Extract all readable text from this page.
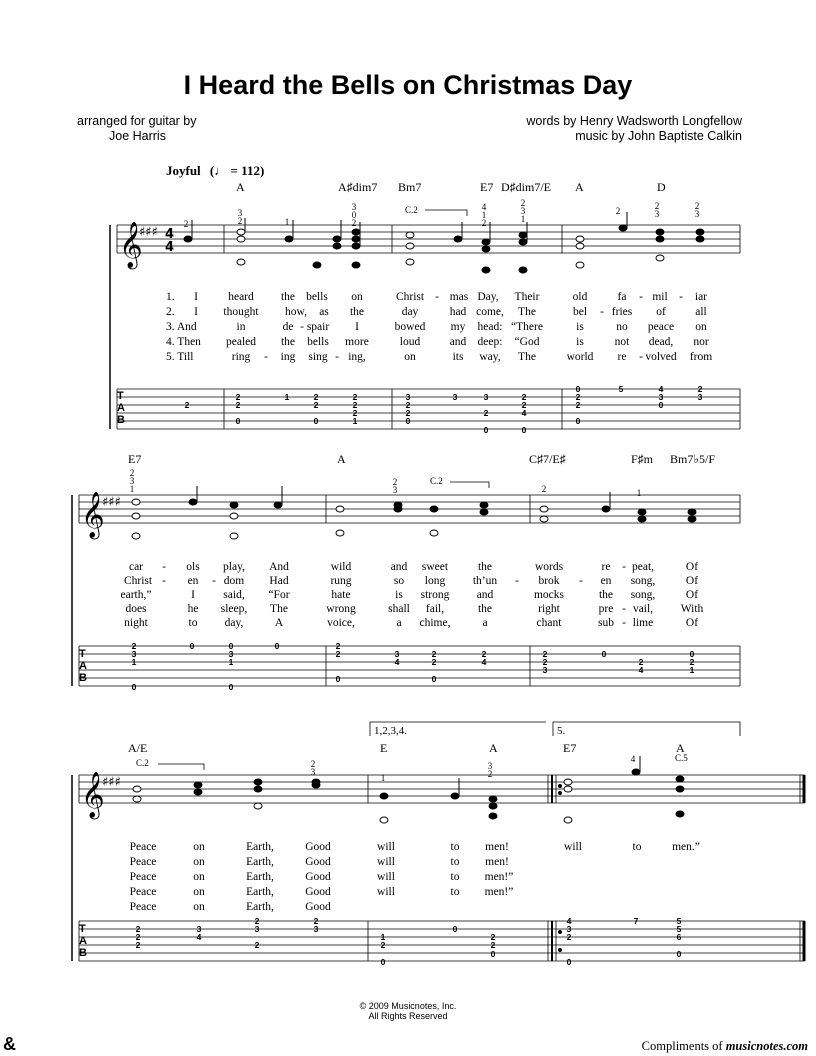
I Heard the Bells on Christmas Day
arranged for guitar by
Joe Harris
words by Henry Wadsworth Longfellow
music by John Baptiste Calkin
Joyful (♩ = 112)
A	A♯dim7 Bm7	E7 D♯dim7/E A	D
E7	A	C♯7/E♯	F♯m Bm7♭5/F
A/E	E	A	E7	A
C.2
C.2
C.2	C.5
1,2,3,4.	5.
T
A
B
T
A
B
T
A
B
𝄞
𝄞
𝄞
♯♯♯
♯♯♯
♯♯♯
4
4
2
2
2
0
1	2
2
0
2
2
2
1
3
2
2
0
3	3
2
0
2
2
4
0
0
2
2
0
5	4
3
0
2
3
2
3
1
0
0	0
3
1
0
0	2
2
0
3
4
2
2
0
2
4
2
2
3
0
2
4
0
2
1
2
2
2
3
4
2
3
2
2
3
1
2
0
0
2
2
0
4
3
2
0
7	5
5
6
0
2
3
2	1
3
0
2
4
1
2
2
3
1
2	2
3
2
3
2
3
1
2
3	2	1
2
3
1
3
2
4
1. I	heard the bells on	Christ - mas Day, Their	old	fa - mil - iar
2. I thought how, as the	day	had come, The	bel - fries of	all
3. And	in	de - spair I	bowed my head: “There	is	no peace on
4. Then pealed the bells more	loud	and deep: “God	is	not dead, nor
5. Till	ring - ing sing - ing,	on	its way, The	world re - volved from
car - ols play, And	wild	and sweet	the	words	re - peat,	Of
Christ - en - dom Had	rung	so long th’un - brok - en song,	Of
earth,”	I said, “For	hate	is strong and	mocks	the song,	Of
does	he sleep, The	wrong	shall fail,	the	right	pre - vail, With
night	to day,	A	voice,	a chime,	a	chant	sub - lime	Of
Peace	on	Earth,	Good	will	to men!	will	to	men.”
Peace	on	Earth,	Good	will	to men!
Peace	on	Earth,	Good	will	to men!”
Peace	on	Earth,	Good	will	to men!”
Peace	on	Earth,	Good
© 2009 Musicnotes, Inc.
All Rights Reserved
&	Compliments of musicnotes.com
